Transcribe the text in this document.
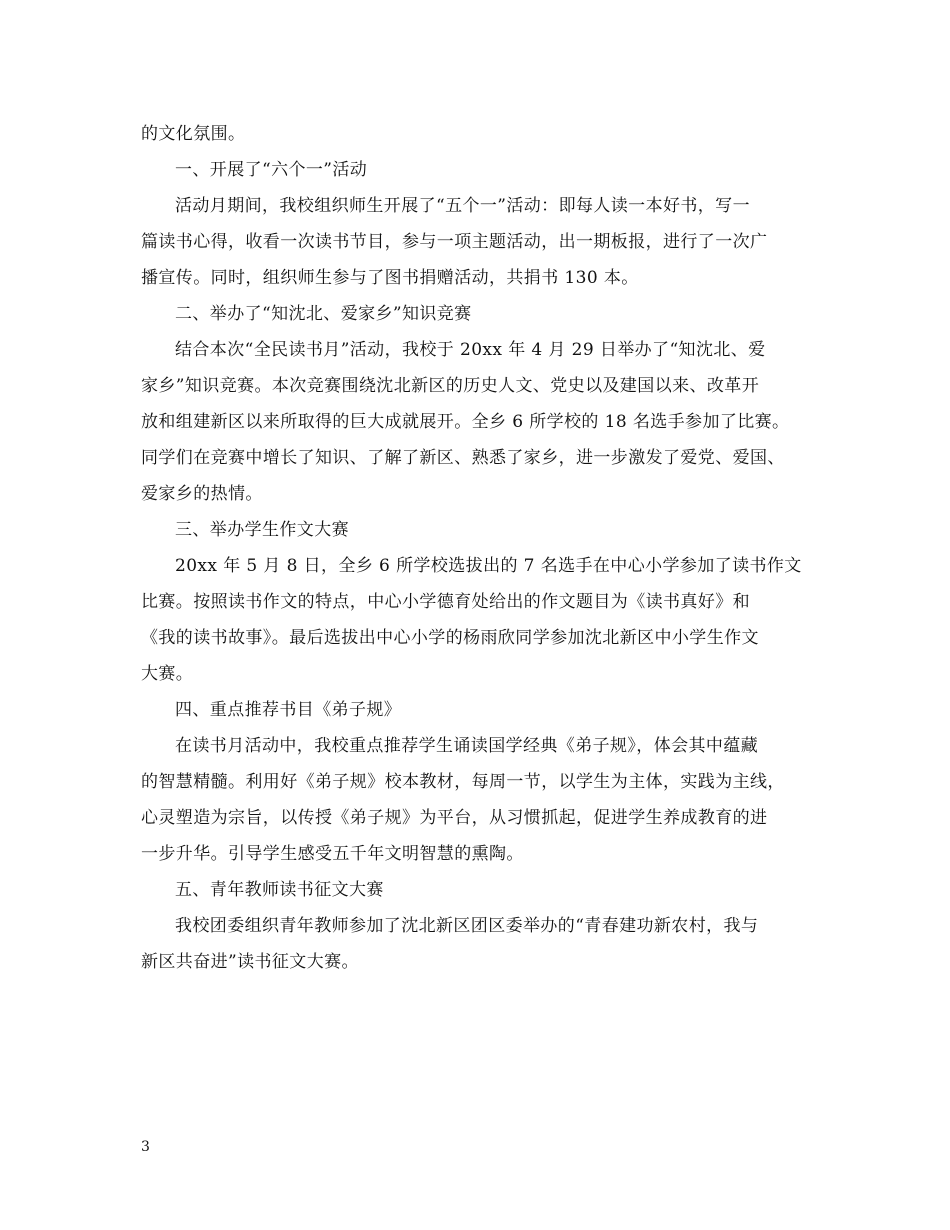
的文化氛围。
一、开展了“六个一”活动
活动月期间，我校组织师生开展了“五个一”活动：即每人读一本好书，写一
篇读书心得，收看一次读书节目，参与一项主题活动，出一期板报，进行了一次广
播宣传。同时，组织师生参与了图书捐赠活动，共捐书 130 本。
二、举办了“知沈北、爱家乡”知识竞赛
结合本次“全民读书月”活动，我校于 20xx 年 4 月 29 日举办了“知沈北、爱
家乡”知识竞赛。本次竞赛围绕沈北新区的历史人文、党史以及建国以来、改革开
放和组建新区以来所取得的巨大成就展开。全乡 6 所学校的 18 名选手参加了比赛。
同学们在竞赛中增长了知识、了解了新区、熟悉了家乡，进一步激发了爱党、爱国、
爱家乡的热情。
三、举办学生作文大赛
20xx 年 5 月 8 日，全乡 6 所学校选拔出的 7 名选手在中心小学参加了读书作文
比赛。按照读书作文的特点，中心小学德育处给出的作文题目为《读书真好》和
《我的读书故事》。最后选拔出中心小学的杨雨欣同学参加沈北新区中小学生作文
大赛。
四、重点推荐书目《弟子规》
在读书月活动中，我校重点推荐学生诵读国学经典《弟子规》，体会其中蕴藏
的智慧精髓。利用好《弟子规》校本教材，每周一节，以学生为主体，实践为主线，
心灵塑造为宗旨，以传授《弟子规》为平台，从习惯抓起，促进学生养成教育的进
一步升华。引导学生感受五千年文明智慧的熏陶。
五、青年教师读书征文大赛
我校团委组织青年教师参加了沈北新区团区委举办的“青春建功新农村，我与
新区共奋进”读书征文大赛。
3
